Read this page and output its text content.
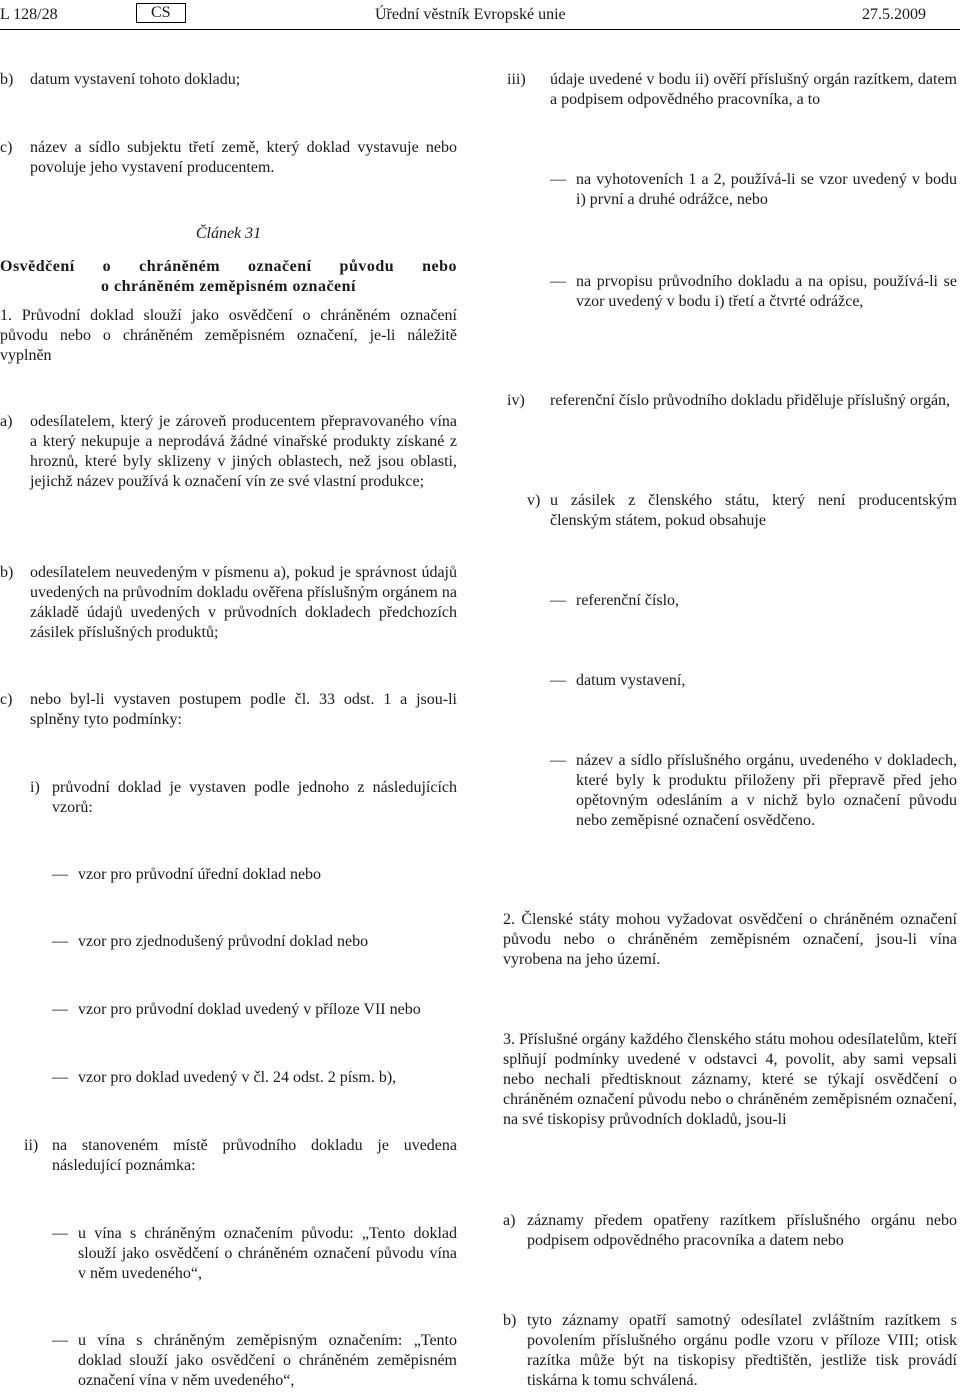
L 128/28	CS	Úřední věstník Evropské unie	27.5.2009
b) datum vystavení tohoto dokladu;

c) název a sídlo subjektu třetí země, který doklad vystavuje nebo povoluje jeho vystavení producentem.

Článek 31

Osvědčení o chráněném označení původu nebo

o chráněném zeměpisném označení

1. Průvodní doklad slouží jako osvědčení o chráněném označení původu nebo o chráněném zeměpisném označení, je-li náležitě vyplněn

a) odesílatelem, který je zároveň producentem přepravovaného vína a který nekupuje a neprodává žádné vinařské produkty získané z hroznů, které byly sklizeny v jiných oblastech, než jsou oblasti, jejichž název používá k označení vín ze své vlastní produkce;

b) odesílatelem neuvedeným v písmenu a), pokud je správnost údajů uvedených na průvodním dokladu ověřena příslušným orgánem na základě údajů uvedených v průvodních dokladech předchozích zásilek příslušných produktů;

c) nebo byl-li vystaven postupem podle čl. 33 odst. 1 a jsou-li splněny tyto podmínky:

i) průvodní doklad je vystaven podle jednoho z následujících vzorů:

— vzor pro průvodní úřední doklad nebo

— vzor pro zjednodušený průvodní doklad nebo

— vzor pro průvodní doklad uvedený v příloze VII nebo

— vzor pro doklad uvedený v čl. 24 odst. 2 písm. b),

ii) na stanoveném místě průvodního dokladu je uvedena následující poznámka:

— u vína s chráněným označením původu: „Tento doklad slouží jako osvědčení o chráněném označení původu vína v něm uvedeného“,

— u vína s chráněným zeměpisným označením: „Tento doklad slouží jako osvědčení o chráněném zeměpisném označení vína v něm uvedeného“,

iii) údaje uvedené v bodu ii) ověří příslušný orgán razítkem, datem a podpisem odpovědného pracovníka, a to

— na vyhotoveních 1 a 2, používá-li se vzor uvedený v bodu i) první a druhé odrážce, nebo

— na prvopisu průvodního dokladu a na opisu, používá-li se vzor uvedený v bodu i) třetí a čtvrté odrážce,

iv) referenční číslo průvodního dokladu přiděluje příslušný orgán,

v) u zásilek z členského státu, který není producentským členským státem, pokud obsahuje

— referenční číslo,

— datum vystavení,

— název a sídlo příslušného orgánu, uvedeného v dokladech, které byly k produktu přiloženy při přepravě před jeho opětovným odesláním a v nichž bylo označení původu nebo zeměpisné označení osvědčeno.

2. Členské státy mohou vyžadovat osvědčení o chráněném označení původu nebo o chráněném zeměpisném označení, jsou-li vína vyrobena na jeho území.

3. Příslušné orgány každého členského státu mohou odesílatelům, kteří splňují podmínky uvedené v odstavci 4, povolit, aby sami vepsali nebo nechali předtisknout záznamy, které se týkají osvědčení o chráněném označení původu nebo o chráněném zeměpisném označení, na své tiskopisy průvodních dokladů, jsou-li

a) záznamy předem opatřeny razítkem příslušného orgánu nebo podpisem odpovědného pracovníka a datem nebo

b) tyto záznamy opatří samotný odesílatel zvláštním razítkem s povolením příslušného orgánu podle vzoru v příloze VIII; otisk razítka může být na tiskopisy předtištěn, jestliže tisk provádí tiskárna k tomu schválená.
